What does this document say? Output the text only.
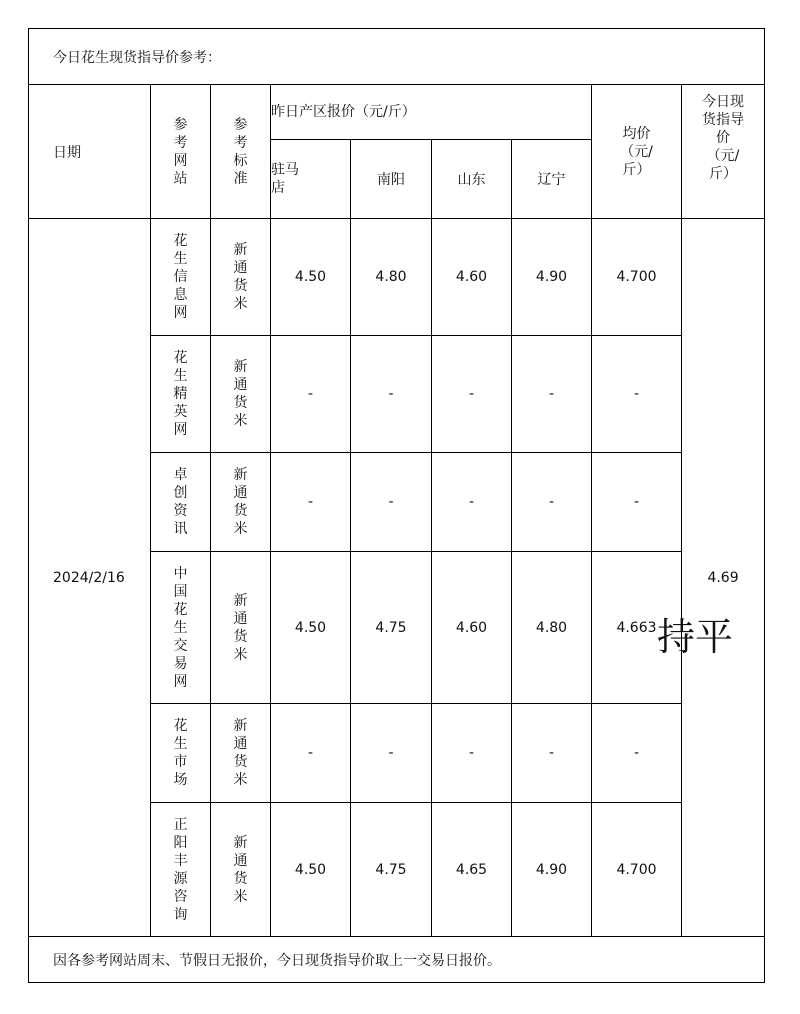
今日花生现货指导价参考：								
日期	参考网站	参考标准	昨日产区报价（元/斤）				均价（元/斤）	今日现货指导价（元/斤）
			驻马店	南阳	山东	辽宁		
2024/2/16	花生信息网	新通货米	4.50	4.80	4.60	4.90	4.700	4.69
	花生精英网	新通货米	-	-	-	-	-	
	卓创资讯	新通货米	-	-	-	-	-	
	中国花生交易网	新通货米	4.50	4.75	4.60	4.80	4.663	
	花生市场	新通货米	-	-	-	-	-	
	正阳丰源咨询	新通货米	4.50	4.75	4.65	4.90	4.700	
因各参考网站周末、节假日无报价，今日现货指导价取上一交易日报价。								
持平
